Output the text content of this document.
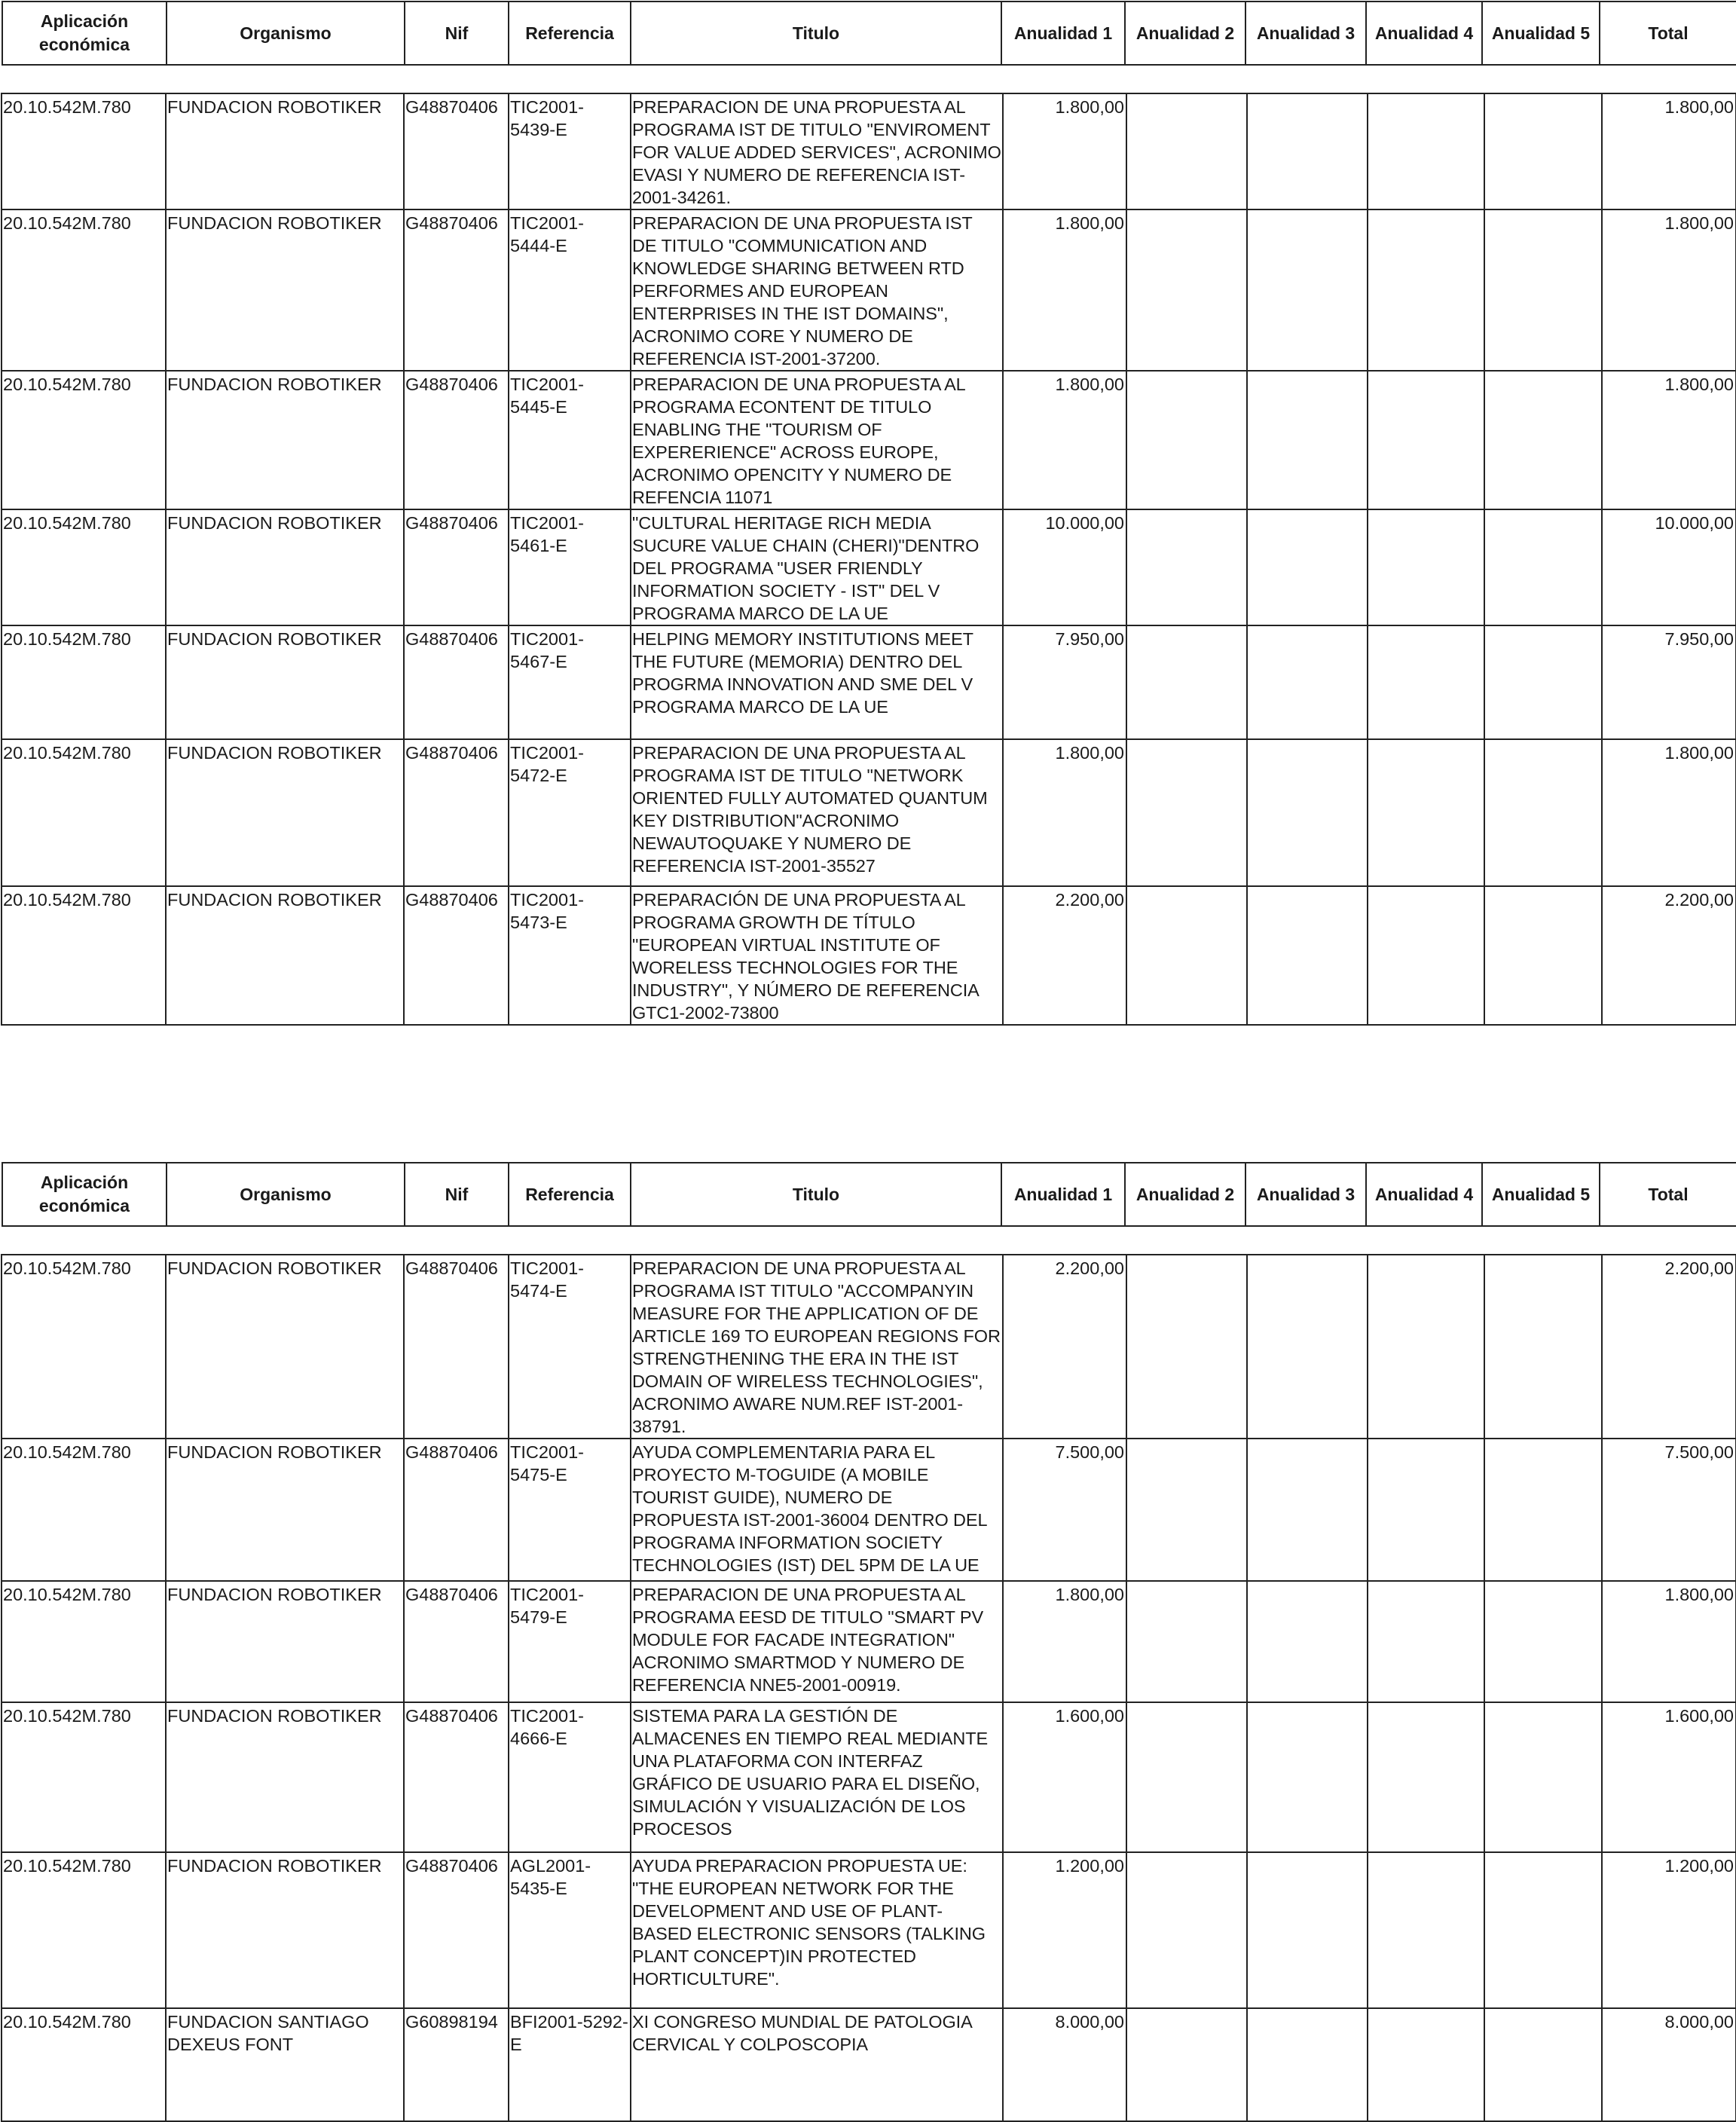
Aplicación económica	Organismo	Nif	Referencia	Titulo	Anualidad 1	Anualidad 2	Anualidad 3	Anualidad 4	Anualidad 5	Total
20.10.542M.780	FUNDACION ROBOTIKER	G48870406	TIC2001-5439-E	PREPARACION DE UNA PROPUESTA AL PROGRAMA IST DE TITULO "ENVIROMENT FOR VALUE ADDED SERVICES", ACRONIMO EVASI Y NUMERO DE REFERENCIA IST-2001-34261.	1.800,00					1.800,00
20.10.542M.780	FUNDACION ROBOTIKER	G48870406	TIC2001-5444-E	PREPARACION DE UNA PROPUESTA IST DE TITULO "COMMUNICATION AND KNOWLEDGE SHARING BETWEEN RTD PERFORMES AND EUROPEAN ENTERPRISES IN THE IST DOMAINS", ACRONIMO CORE Y NUMERO DE REFERENCIA IST-2001-37200.	1.800,00					1.800,00
20.10.542M.780	FUNDACION ROBOTIKER	G48870406	TIC2001-5445-E	PREPARACION DE UNA PROPUESTA AL PROGRAMA ECONTENT DE TITULO ENABLING THE "TOURISM OF EXPERERIENCE" ACROSS EUROPE, ACRONIMO OPENCITY Y NUMERO DE REFENCIA 11071	1.800,00					1.800,00
20.10.542M.780	FUNDACION ROBOTIKER	G48870406	TIC2001-5461-E	"CULTURAL HERITAGE RICH MEDIA SUCURE VALUE CHAIN (CHERI)"DENTRO DEL PROGRAMA "USER FRIENDLY INFORMATION SOCIETY - IST" DEL V PROGRAMA MARCO DE LA UE	10.000,00					10.000,00
20.10.542M.780	FUNDACION ROBOTIKER	G48870406	TIC2001-5467-E	HELPING MEMORY INSTITUTIONS MEET THE FUTURE (MEMORIA) DENTRO DEL PROGRMA INNOVATION AND SME DEL V PROGRAMA MARCO DE LA UE	7.950,00					7.950,00
20.10.542M.780	FUNDACION ROBOTIKER	G48870406	TIC2001-5472-E	PREPARACION DE UNA PROPUESTA AL PROGRAMA IST DE TITULO "NETWORK ORIENTED FULLY AUTOMATED QUANTUM KEY DISTRIBUTION"ACRONIMO NEWAUTOQUAKE Y NUMERO DE REFERENCIA IST-2001-35527	1.800,00					1.800,00
20.10.542M.780	FUNDACION ROBOTIKER	G48870406	TIC2001-5473-E	PREPARACIÓN DE UNA PROPUESTA AL PROGRAMA GROWTH DE TÍTULO "EUROPEAN VIRTUAL INSTITUTE OF WORELESS TECHNOLOGIES FOR THE INDUSTRY", Y NÚMERO DE REFERENCIA GTC1-2002-73800	2.200,00					2.200,00
Aplicación económica	Organismo	Nif	Referencia	Titulo	Anualidad 1	Anualidad 2	Anualidad 3	Anualidad 4	Anualidad 5	Total
20.10.542M.780	FUNDACION ROBOTIKER	G48870406	TIC2001-5474-E	PREPARACION DE UNA PROPUESTA AL PROGRAMA IST TITULO "ACCOMPANYIN MEASURE FOR THE APPLICATION OF DE ARTICLE 169 TO EUROPEAN REGIONS FOR STRENGTHENING THE ERA IN THE IST DOMAIN OF WIRELESS TECHNOLOGIES", ACRONIMO AWARE NUM.REF IST-2001-38791.	2.200,00					2.200,00
20.10.542M.780	FUNDACION ROBOTIKER	G48870406	TIC2001-5475-E	AYUDA COMPLEMENTARIA PARA EL PROYECTO M-TOGUIDE (A MOBILE TOURIST GUIDE), NUMERO DE PROPUESTA IST-2001-36004 DENTRO DEL PROGRAMA INFORMATION SOCIETY TECHNOLOGIES (IST) DEL 5PM DE LA UE	7.500,00					7.500,00
20.10.542M.780	FUNDACION ROBOTIKER	G48870406	TIC2001-5479-E	PREPARACION DE UNA PROPUESTA AL PROGRAMA EESD DE TITULO "SMART PV MODULE FOR FACADE INTEGRATION" ACRONIMO SMARTMOD Y NUMERO DE REFERENCIA NNE5-2001-00919.	1.800,00					1.800,00
20.10.542M.780	FUNDACION ROBOTIKER	G48870406	TIC2001-4666-E	SISTEMA PARA LA GESTIÓN DE ALMACENES EN TIEMPO REAL MEDIANTE UNA PLATAFORMA CON INTERFAZ GRÁFICO DE USUARIO PARA EL DISEÑO, SIMULACIÓN Y VISUALIZACIÓN DE LOS PROCESOS	1.600,00					1.600,00
20.10.542M.780	FUNDACION ROBOTIKER	G48870406	AGL2001-5435-E	AYUDA PREPARACION PROPUESTA UE: "THE EUROPEAN NETWORK FOR THE DEVELOPMENT AND USE OF PLANT-BASED ELECTRONIC SENSORS (TALKING PLANT CONCEPT)IN PROTECTED HORTICULTURE".	1.200,00					1.200,00
20.10.542M.780	FUNDACION SANTIAGO DEXEUS FONT	G60898194	BFI2001-5292-E	XI CONGRESO MUNDIAL DE PATOLOGIA CERVICAL Y COLPOSCOPIA	8.000,00					8.000,00
